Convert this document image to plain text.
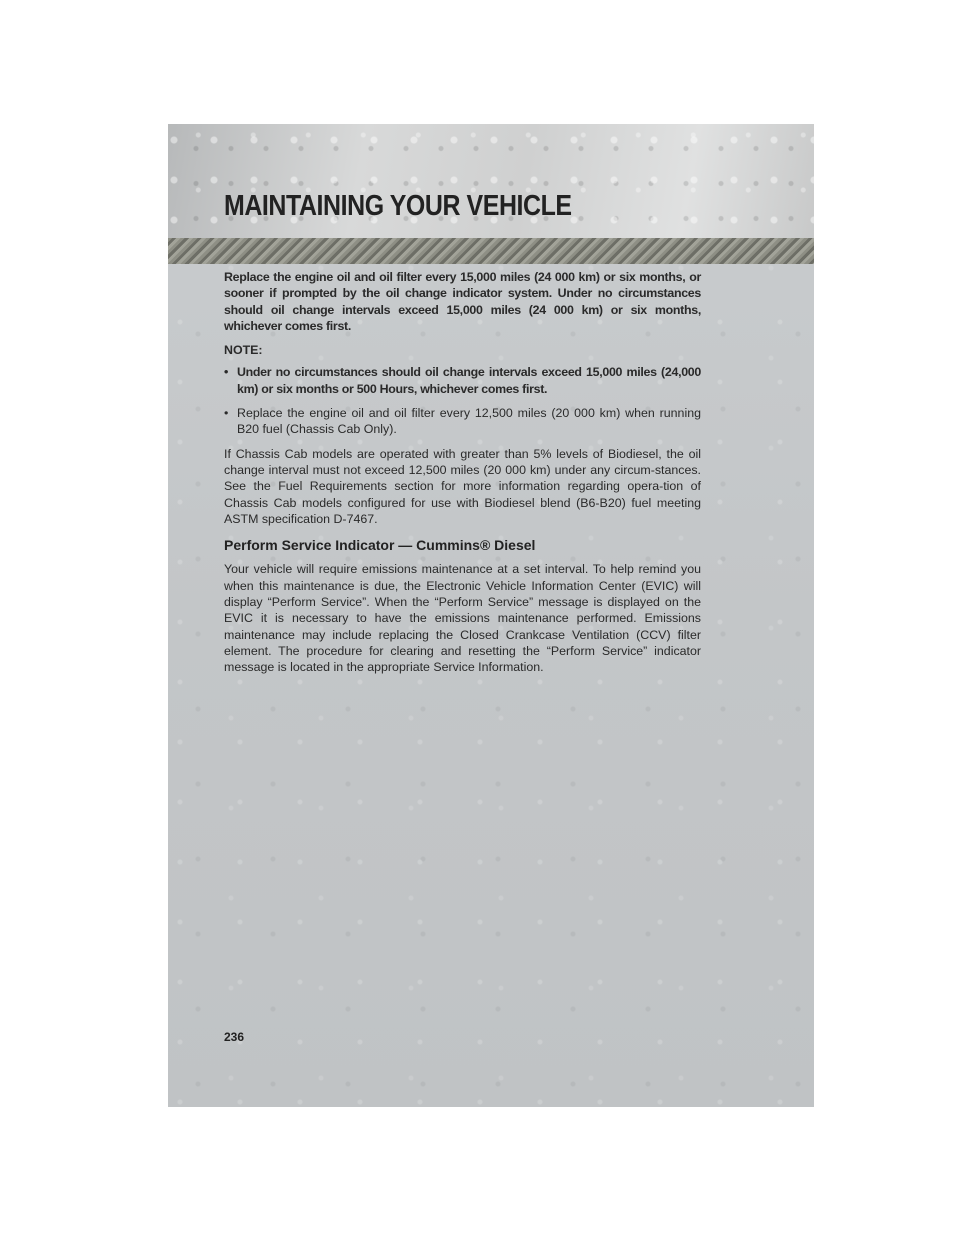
MAINTAINING YOUR VEHICLE

Replace the engine oil and oil filter every 15,000 miles (24 000 km) or six months, or sooner if prompted by the oil change indicator system. Under no circumstances should oil change intervals exceed 15,000 miles (24 000 km) or six months, whichever comes first.

NOTE:

• Under no circumstances should oil change intervals exceed 15,000 miles (24,000 km) or six months or 500 Hours, whichever comes first.
• Replace the engine oil and oil filter every 12,500 miles (20 000 km) when running B20 fuel (Chassis Cab Only).

If Chassis Cab models are operated with greater than 5% levels of Biodiesel, the oil change interval must not exceed 12,500 miles (20 000 km) under any circum-stances. See the Fuel Requirements section for more information regarding opera-tion of Chassis Cab models configured for use with Biodiesel blend (B6-B20) fuel meeting ASTM specification D-7467.

Perform Service Indicator — Cummins® Diesel

Your vehicle will require emissions maintenance at a set interval. To help remind you when this maintenance is due, the Electronic Vehicle Information Center (EVIC) will display “Perform Service”. When the “Perform Service” message is displayed on the EVIC it is necessary to have the emissions maintenance performed. Emissions maintenance may include replacing the Closed Crankcase Ventilation (CCV) filter element. The procedure for clearing and resetting the “Perform Service” indicator message is located in the appropriate Service Information.

236
